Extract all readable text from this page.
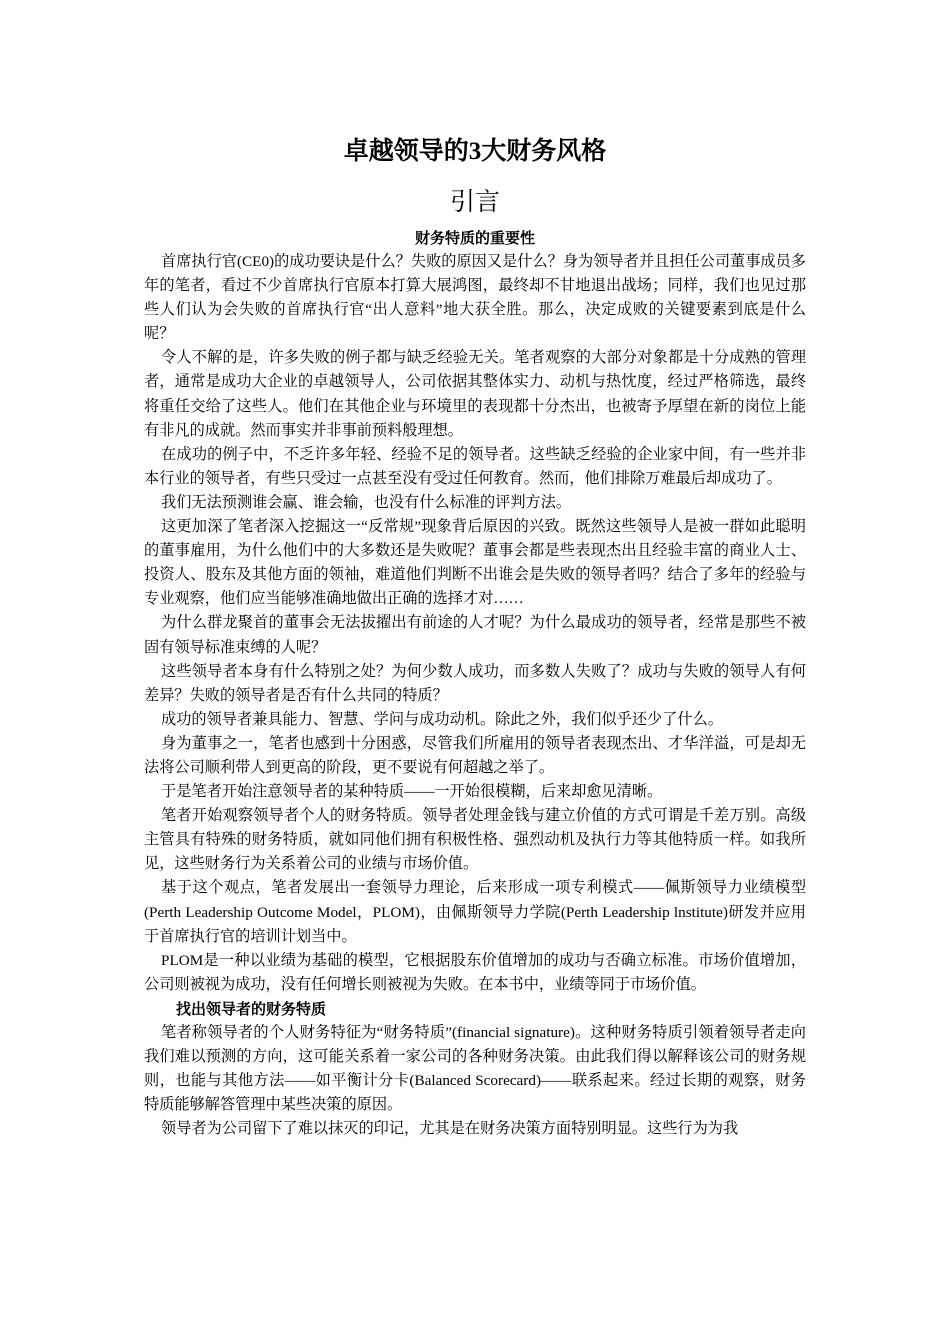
卓越领导的3大财务风格
引言
财务特质的重要性

首席执行官(CE0)的成功要诀是什么？失败的原因又是什么？身为领导者并且担任公司董事成员多年的笔者，看过不少首席执行官原本打算大展鸿图，最终却不甘地退出战场；同样，我们也见过那些人们认为会失败的首席执行官“出人意料”地大获全胜。那么，决定成败的关键要素到底是什么呢？

令人不解的是，许多失败的例子都与缺乏经验无关。笔者观察的大部分对象都是十分成熟的管理者，通常是成功大企业的卓越领导人，公司依据其整体实力、动机与热忱度，经过严格筛选，最终将重任交给了这些人。他们在其他企业与环境里的表现都十分杰出，也被寄予厚望在新的岗位上能有非凡的成就。然而事实并非事前预料般理想。

在成功的例子中，不乏许多年轻、经验不足的领导者。这些缺乏经验的企业家中间，有一些并非本行业的领导者，有些只受过一点甚至没有受过任何教育。然而，他们排除万难最后却成功了。

我们无法预测谁会赢、谁会输，也没有什么标准的评判方法。

这更加深了笔者深入挖掘这一“反常规”现象背后原因的兴致。既然这些领导人是被一群如此聪明的董事雇用，为什么他们中的大多数还是失败呢？董事会都是些表现杰出且经验丰富的商业人士、投资人、股东及其他方面的领袖，难道他们判断不出谁会是失败的领导者吗？结合了多年的经验与专业观察，他们应当能够准确地做出正确的选择才对……

为什么群龙聚首的董事会无法拔擢出有前途的人才呢？为什么最成功的领导者，经常是那些不被固有领导标准束缚的人呢？

这些领导者本身有什么特别之处？为何少数人成功，而多数人失败了？成功与失败的领导人有何差异？失败的领导者是否有什么共同的特质？

成功的领导者兼具能力、智慧、学问与成功动机。除此之外，我们似乎还少了什么。

身为董事之一，笔者也感到十分困惑，尽管我们所雇用的领导者表现杰出、才华洋溢，可是却无法将公司顺利带人到更高的阶段，更不要说有何超越之举了。

于是笔者开始注意领导者的某种特质——一开始很模糊，后来却愈见清晰。

笔者开始观察领导者个人的财务特质。领导者处理金钱与建立价值的方式可谓是千差万别。高级主管具有特殊的财务特质，就如同他们拥有积极性格、强烈动机及执行力等其他特质一样。如我所见，这些财务行为关系着公司的业绩与市场价值。

基于这个观点，笔者发展出一套领导力理论，后来形成一项专利模式——佩斯领导力业绩模型(Perth Leadership Outcome Model，PLOM)，由佩斯领导力学院(Perth Leadership lnstitute)研发并应用于首席执行官的培训计划当中。

PLOM是一种以业绩为基础的模型，它根据股东价值增加的成功与否确立标准。市场价值增加，公司则被视为成功，没有任何增长则被视为失败。在本书中，业绩等同于市场价值。

找出领导者的财务特质

笔者称领导者的个人财务特征为“财务特质”(financial signature)。这种财务特质引领着领导者走向我们难以预测的方向，这可能关系着一家公司的各种财务决策。由此我们得以解释该公司的财务规则，也能与其他方法——如平衡计分卡(Balanced Scorecard)——联系起来。经过长期的观察，财务特质能够解答管理中某些决策的原因。

领导者为公司留下了难以抹灭的印记，尤其是在财务决策方面特别明显。这些行为为我
